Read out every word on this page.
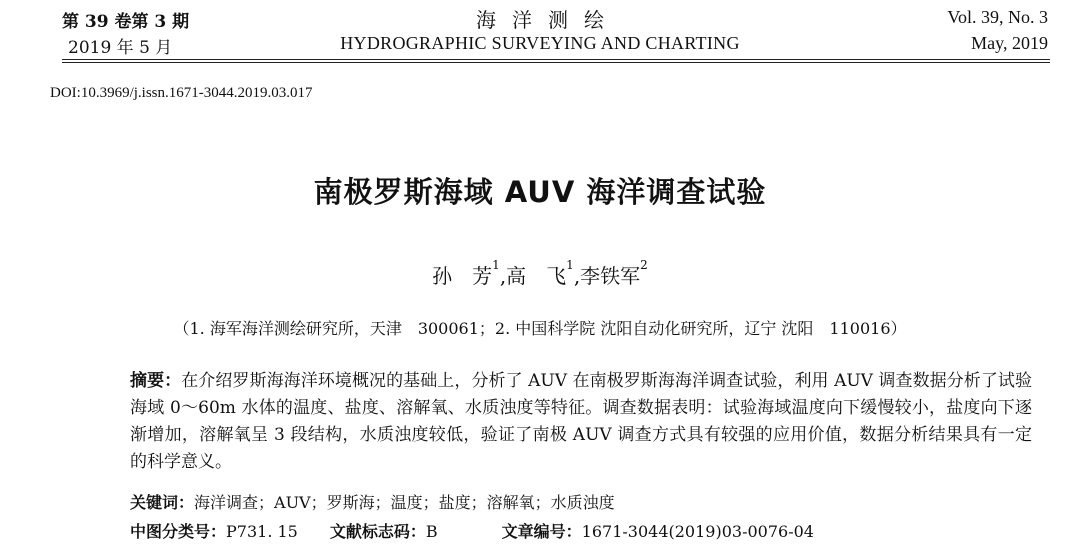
第 39 卷第 3 期
2019 年 5 月
海洋测绘
HYDROGRAPHIC SURVEYING AND CHARTING
Vol. 39, No. 3
May, 2019
DOI:10.3969/j.issn.1671-3044.2019.03.017
南极罗斯海域 AUV 海洋调查试验
孙　芳$^1$,高　飞$^1$,李铁军$^2$
（1. 海军海洋测绘研究所，天津　300061；2. 中国科学院 沈阳自动化研究所，辽宁 沈阳　110016）
摘要：在介绍罗斯海海洋环境概况的基础上，分析了 AUV 在南极罗斯海海洋调查试验，利用 AUV 调查数据分析了试验海域 0～60m 水体的温度、盐度、溶解氧、水质浊度等特征。调查数据表明：试验海域温度向下缓慢较小，盐度向下逐渐增加，溶解氧呈 3 段结构，水质浊度较低，验证了南极 AUV 调查方式具有较强的应用价值，数据分析结果具有一定的科学意义。
关键词：海洋调查；AUV；罗斯海；温度；盐度；溶解氧；水质浊度
中图分类号：P731. 15 文献标志码：B	文章编号：1671-3044(2019)03-0076-04
